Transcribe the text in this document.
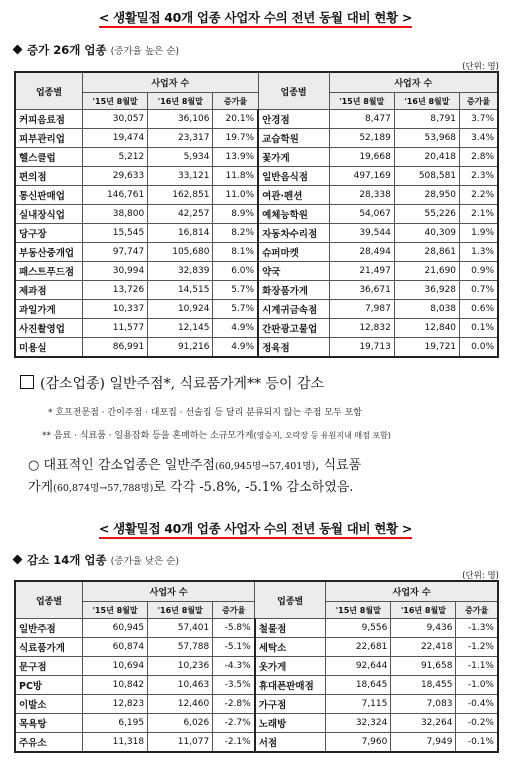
< 생활밀접 40개 업종 사업자 수의 전년 동월 대비 현황 >
증가 26개 업종 (증가율 높은 순)
(단위: 명)
업종별	사업자 수			업종별	사업자 수		
	'15년 8월말	'16년 8월말	증가율		'15년 8월말	'16년 8월말	증가율
커피음료점	30,057	36,106	20.1%	안경점	8,477	8,791	3.7%
피부관리업	19,474	23,317	19.7%	교습학원	52,189	53,968	3.4%
헬스클럽	5,212	5,934	13.9%	꽃가게	19,668	20,418	2.8%
편의점	29,633	33,121	11.8%	일반음식점	497,169	508,581	2.3%
통신판매업	146,761	162,851	11.0%	여관·펜션	28,338	28,950	2.2%
실내장식업	38,800	42,257	8.9%	예체능학원	54,067	55,226	2.1%
당구장	15,545	16,814	8.2%	자동차수리점	39,544	40,309	1.9%
부동산중개업	97,747	105,680	8.1%	슈퍼마켓	28,494	28,861	1.3%
패스트푸드점	30,994	32,839	6.0%	약국	21,497	21,690	0.9%
제과점	13,726	14,515	5.7%	화장품가게	36,671	36,928	0.7%
과일가게	10,337	10,924	5.7%	시계귀금속점	7,987	8,038	0.6%
사진촬영업	11,577	12,145	4.9%	간판광고물업	12,832	12,840	0.1%
미용실	86,991	91,216	4.9%	정육점	19,713	19,721	0.0%
(감소업종) 일반주점*, 식료품가게** 등이 감소
* 호프전문점 · 간이주점 · 대포집 · 선술집 등 달리 분류되지 않는 주점 모두 포함
** 음료 · 식료품 · 일용잡화 등을 혼매하는 소규모가게(영승지, 오락장 등 유원지내 매점 포함)
○ 대표적인 감소업종은 일반주점(60,945명→57,401명), 식료품
가게(60,874명→57,788명)로 각각 -5.8%, -5.1% 감소하였음.
< 생활밀접 40개 업종 사업자 수의 전년 동월 대비 현황 >
감소 14개 업종 (증가율 낮은 순)
(단위: 명)
업종별	사업자 수			업종별	사업자 수		
	'15년 8월말	'16년 8월말	증가율		'15년 8월말	'16년 8월말	증가율
일반주점	60,945	57,401	-5.8%	철물점	9,556	9,436	-1.3%
식료품가게	60,874	57,788	-5.1%	세탁소	22,681	22,418	-1.2%
문구점	10,694	10,236	-4.3%	옷가게	92,644	91,658	-1.1%
PC방	10,842	10,463	-3.5%	휴대폰판매점	18,645	18,455	-1.0%
이발소	12,823	12,460	-2.8%	가구점	7,115	7,083	-0.4%
목욕탕	6,195	6,026	-2.7%	노래방	32,324	32,264	-0.2%
주유소	11,318	11,077	-2.1%	서점	7,960	7,949	-0.1%
